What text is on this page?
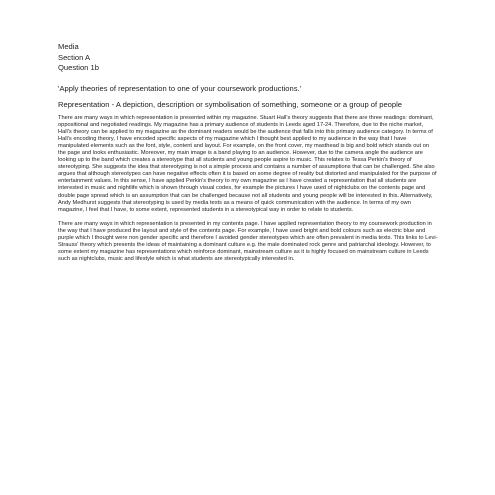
Media

Section A

Question 1b

'Apply theories of representation to one of your coursework productions.'

Representation - A depiction, description or symbolisation of something, someone or a group of people

There are many ways in which representation is presented within my magazine. Stuart Hall's theory suggests that there are three readings: dominant, oppositional and negotiated readings. My magazine has a primary audience of students in Leeds aged 17-24. Therefore, due to the niche market, Hall's theory can be applied to my magazine as the dominant readers would be the audience that falls into this primary audience category. In terms of Hall's encoding theory, I have encoded specific aspects of my magazine which I thought best applied to my audience in the way that I have manipulated elements such as the font, style, content and layout. For example, on the front cover, my masthead is big and bold which stands out on the page and looks enthusiastic. Moreover, my main image is a band playing to an audience. However, due to the camera angle the audience are looking up to the band which creates a stereotype that all students and young people aspire to music. This relates to Tessa Perkin's theory of stereotyping. She suggests the idea that stereotyping is not a simple process and contains a number of assumptions that can be challenged. She also argues that although stereotypes can have negative effects often it is based on some degree of reality but distorted and manipulated for the purpose of entertainment values. In this sense, I have applied Perkin's theory to my own magazine as I have created a representation that all students are interested in music and nightlife which is shown through visual codes, for example the pictures I have used of nightclubs on the contents page and double page spread which is an assumption that can be challenged because not all students and young people will be interested in this. Alternatively, Andy Medhurst suggests that stereotyping is used by media texts as a means of quick communication with the audience. In terms of my own magazine, I feel that I have, to some extent, represented students in a stereotypical way in order to relate to students.

There are many ways in which representation is presented in my contents page. I have applied representation theory to my coursework production in the way that I have produced the layout and style of the contents page. For example, I have used bright and bold colours such as electric blue and purple which I thought were non gender specific and therefore I avoided gender stereotypes which are often prevalent in media texts. This links to Levi-Strauss' theory which presents the ideas of maintaining a dominant culture e.g. the male dominated rock genre and patriarchal ideology. However, to some extent my magazine has representations which reinforce dominant, mainstream culture as it is highly focused on mainstream culture in Leeds such as nightclubs, music and lifestyle which is what students are stereotypically interested in.
